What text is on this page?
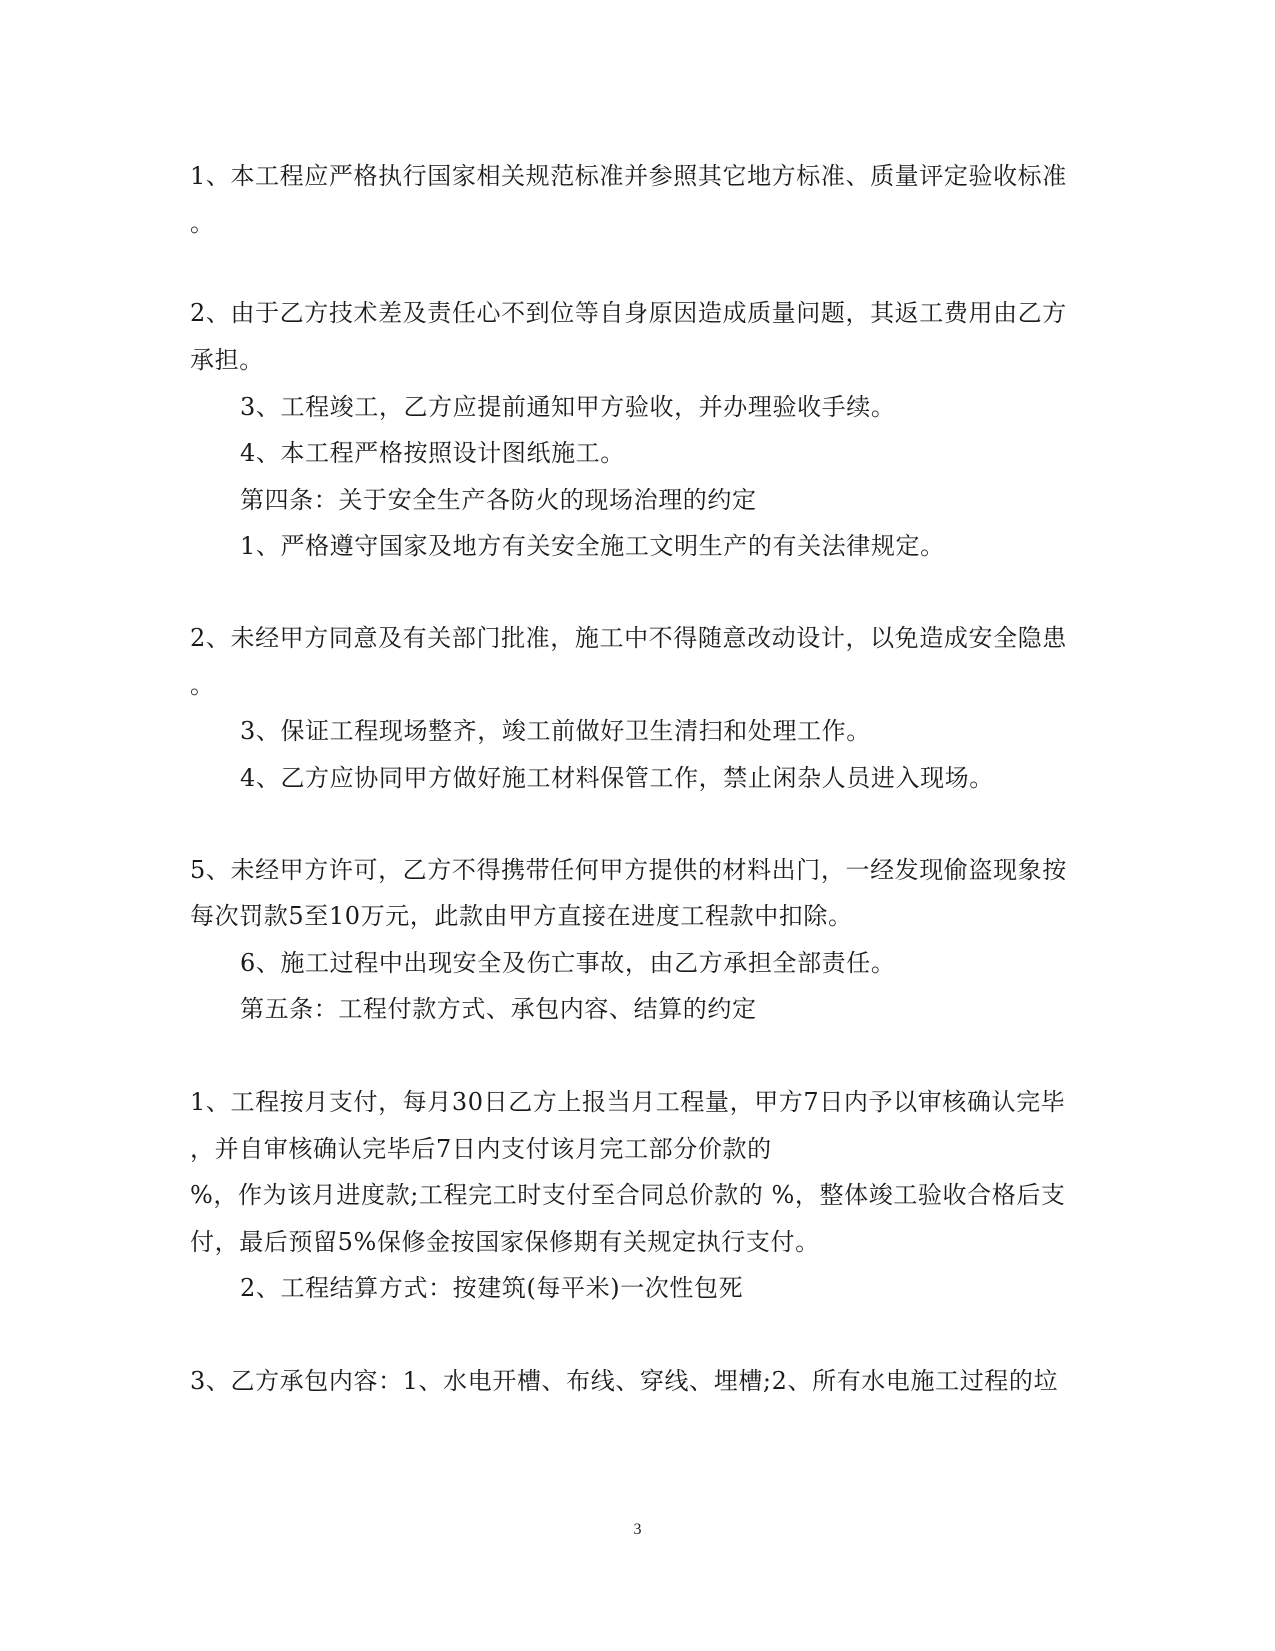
1、本工程应严格执行国家相关规范标准并参照其它地方标准、质量评定验收标准
。
2、由于乙方技术差及责任心不到位等自身原因造成质量问题，其返工费用由乙方
承担。
3、工程竣工，乙方应提前通知甲方验收，并办理验收手续。
4、本工程严格按照设计图纸施工。
第四条：关于安全生产各防火的现场治理的约定
1、严格遵守国家及地方有关安全施工文明生产的有关法律规定。
2、未经甲方同意及有关部门批准，施工中不得随意改动设计，以免造成安全隐患
。
3、保证工程现场整齐，竣工前做好卫生清扫和处理工作。
4、乙方应协同甲方做好施工材料保管工作，禁止闲杂人员进入现场。
5、未经甲方许可，乙方不得携带任何甲方提供的材料出门，一经发现偷盗现象按
每次罚款5至10万元，此款由甲方直接在进度工程款中扣除。
6、施工过程中出现安全及伤亡事故，由乙方承担全部责任。
第五条：工程付款方式、承包内容、结算的约定
1、工程按月支付，每月30日乙方上报当月工程量，甲方7日内予以审核确认完毕
，并自审核确认完毕后7日内支付该月完工部分价款的
%，作为该月进度款;工程完工时支付至合同总价款的 %，整体竣工验收合格后支
付，最后预留5%保修金按国家保修期有关规定执行支付。
2、工程结算方式：按建筑(每平米)一次性包死
3、乙方承包内容：1、水电开槽、布线、穿线、埋槽;2、所有水电施工过程的垃
3
